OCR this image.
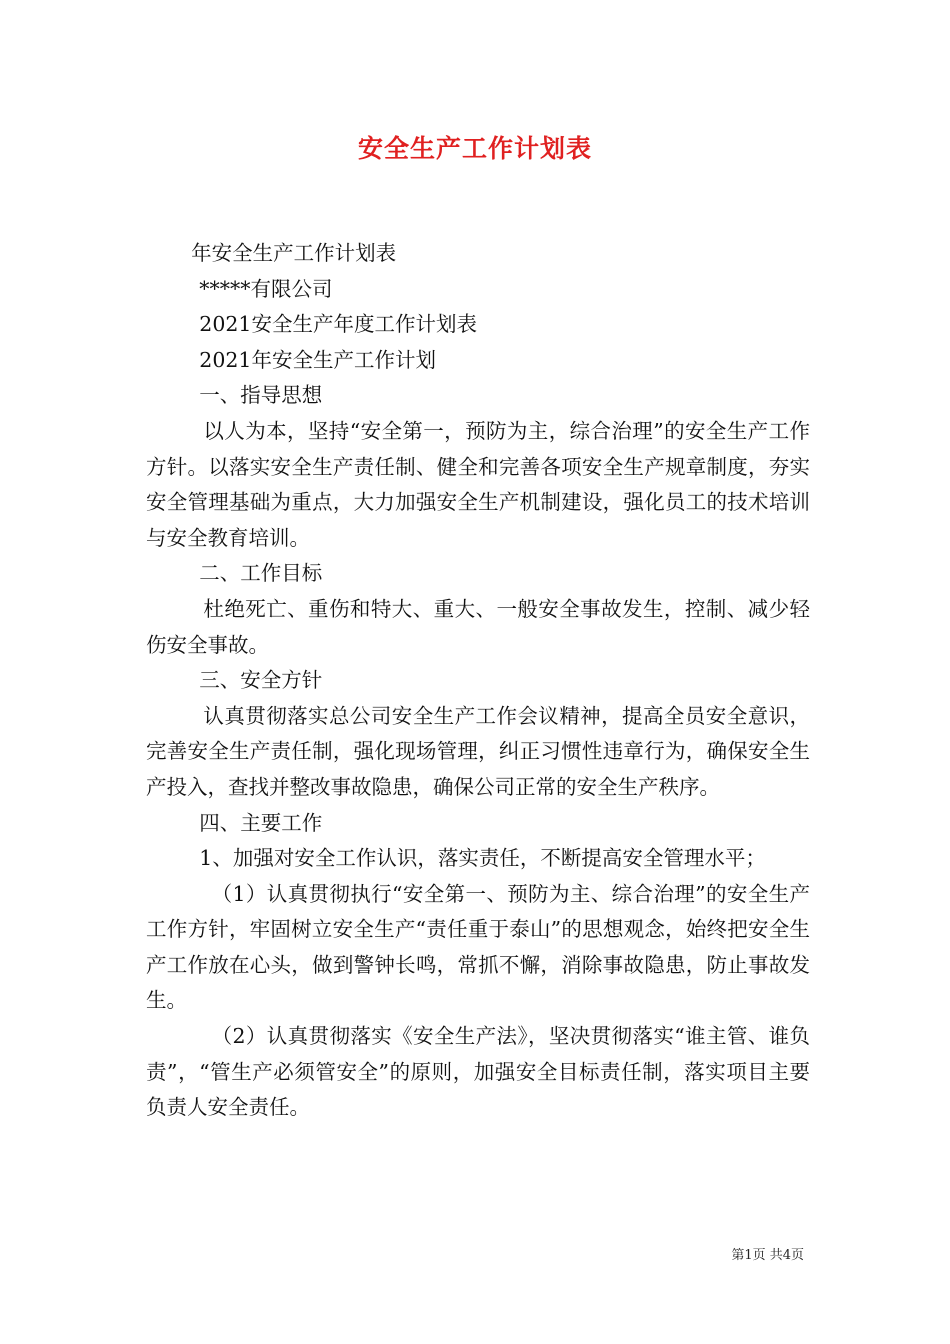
安全生产工作计划表

年安全生产工作计划表

*****有限公司

2021安全生产年度工作计划表

2021年安全生产工作计划

一、指导思想

以人为本，坚持“安全第一，预防为主，综合治理”的安全生产工作方针。以落实安全生产责任制、健全和完善各项安全生产规章制度，夯实安全管理基础为重点，大力加强安全生产机制建设，强化员工的技术培训与安全教育培训。

二、工作目标

杜绝死亡、重伤和特大、重大、一般安全事故发生，控制、减少轻伤安全事故。

三、安全方针

认真贯彻落实总公司安全生产工作会议精神，提高全员安全意识，完善安全生产责任制，强化现场管理，纠正习惯性违章行为，确保安全生产投入，查找并整改事故隐患，确保公司正常的安全生产秩序。

四、主要工作

1、加强对安全工作认识，落实责任，不断提高安全管理水平；

（1）认真贯彻执行“安全第一、预防为主、综合治理”的安全生产工作方针，牢固树立安全生产“责任重于泰山”的思想观念，始终把安全生产工作放在心头，做到警钟长鸣，常抓不懈，消除事故隐患，防止事故发生。

（2）认真贯彻落实《安全生产法》，坚决贯彻落实“谁主管、谁负责”，“管生产必须管安全”的原则，加强安全目标责任制，落实项目主要负责人安全责任。

第1页 共4页
